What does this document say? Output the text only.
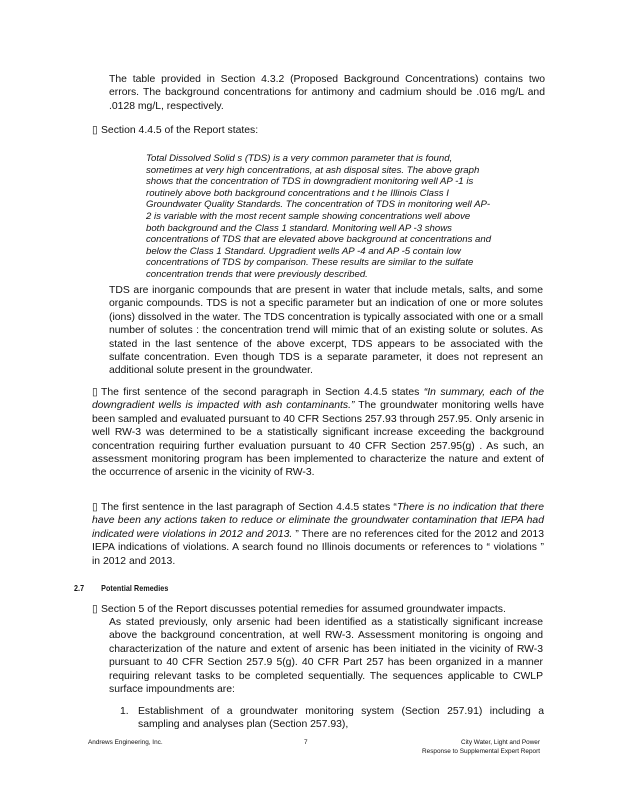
The table provided in Section 4.3.2 (Proposed Background Concentrations) contains two errors. The background concentrations for antimony and cadmium should be .016 mg/L and .0128 mg/L, respectively.

▯ Section 4.4.5 of the Report states:

Total Dissolved Solid s (TDS) is a very common parameter that is found,
sometimes at very high concentrations, at ash disposal sites. The above graph
shows that the concentration of TDS in downgradient monitoring well AP -1 is
routinely above both background concentrations and t he Illinois Class I
Groundwater Quality Standards. The concentration of TDS in monitoring well AP-
2 is variable with the most recent sample showing concentrations well above
both background and the Class 1 standard. Monitoring well AP -3 shows
concentrations of TDS that are elevated above background at concentrations and
below the Class 1 Standard. Upgradient wells AP -4 and AP -5 contain low
concentrations of TDS by comparison. These results are similar to the sulfate
concentration trends that were previously described.

TDS are inorganic compounds that are present in water that include metals, salts, and some organic compounds. TDS is not a specific parameter but an indication of one or more solutes (ions) dissolved in the water. The TDS concentration is typically associated with one or a small number of solutes : the concentration trend will mimic that of an existing solute or solutes. As stated in the last sentence of the above excerpt, TDS appears to be associated with the sulfate concentration. Even though TDS is a separate parameter, it does not represent an additional solute present in the groundwater.

▯ The first sentence of the second paragraph in Section 4.4.5 states “In summary, each of the downgradient wells is impacted with ash contaminants.” The groundwater monitoring wells have been sampled and evaluated pursuant to 40 CFR Sections 257.93 through 257.95. Only arsenic in well RW-3 was determined to be a statistically significant increase exceeding the background concentration requiring further evaluation pursuant to 40 CFR Section 257.95(g) . As such, an assessment monitoring program has been implemented to characterize the nature and extent of the occurrence of arsenic in the vicinity of RW-3.

▯ The first sentence in the last paragraph of Section 4.4.5 states “There is no indication that there have been any actions taken to reduce or eliminate the groundwater contamination that IEPA had indicated were violations in 2012 and 2013. ” There are no references cited for the 2012 and 2013 IEPA indications of violations. A search found no Illinois documents or references to “ violations ” in 2012 and 2013.

2.7 Potential Remedies

▯ Section 5 of the Report discusses potential remedies for assumed groundwater impacts.

As stated previously, only arsenic had been identified as a statistically significant increase above the background concentration, at well RW-3. Assessment monitoring is ongoing and characterization of the nature and extent of arsenic has been initiated in the vicinity of RW-3 pursuant to 40 CFR Section 257.9 5(g). 40 CFR Part 257 has been organized in a manner requiring relevant tasks to be completed sequentially. The sequences applicable to CWLP surface impoundments are:

1. Establishment of a groundwater monitoring system (Section 257.91) including a sampling and analyses plan (Section 257.93),
Andrews Engineering, Inc.	7	City Water, Light and Power
Response to Supplemental Expert Report
